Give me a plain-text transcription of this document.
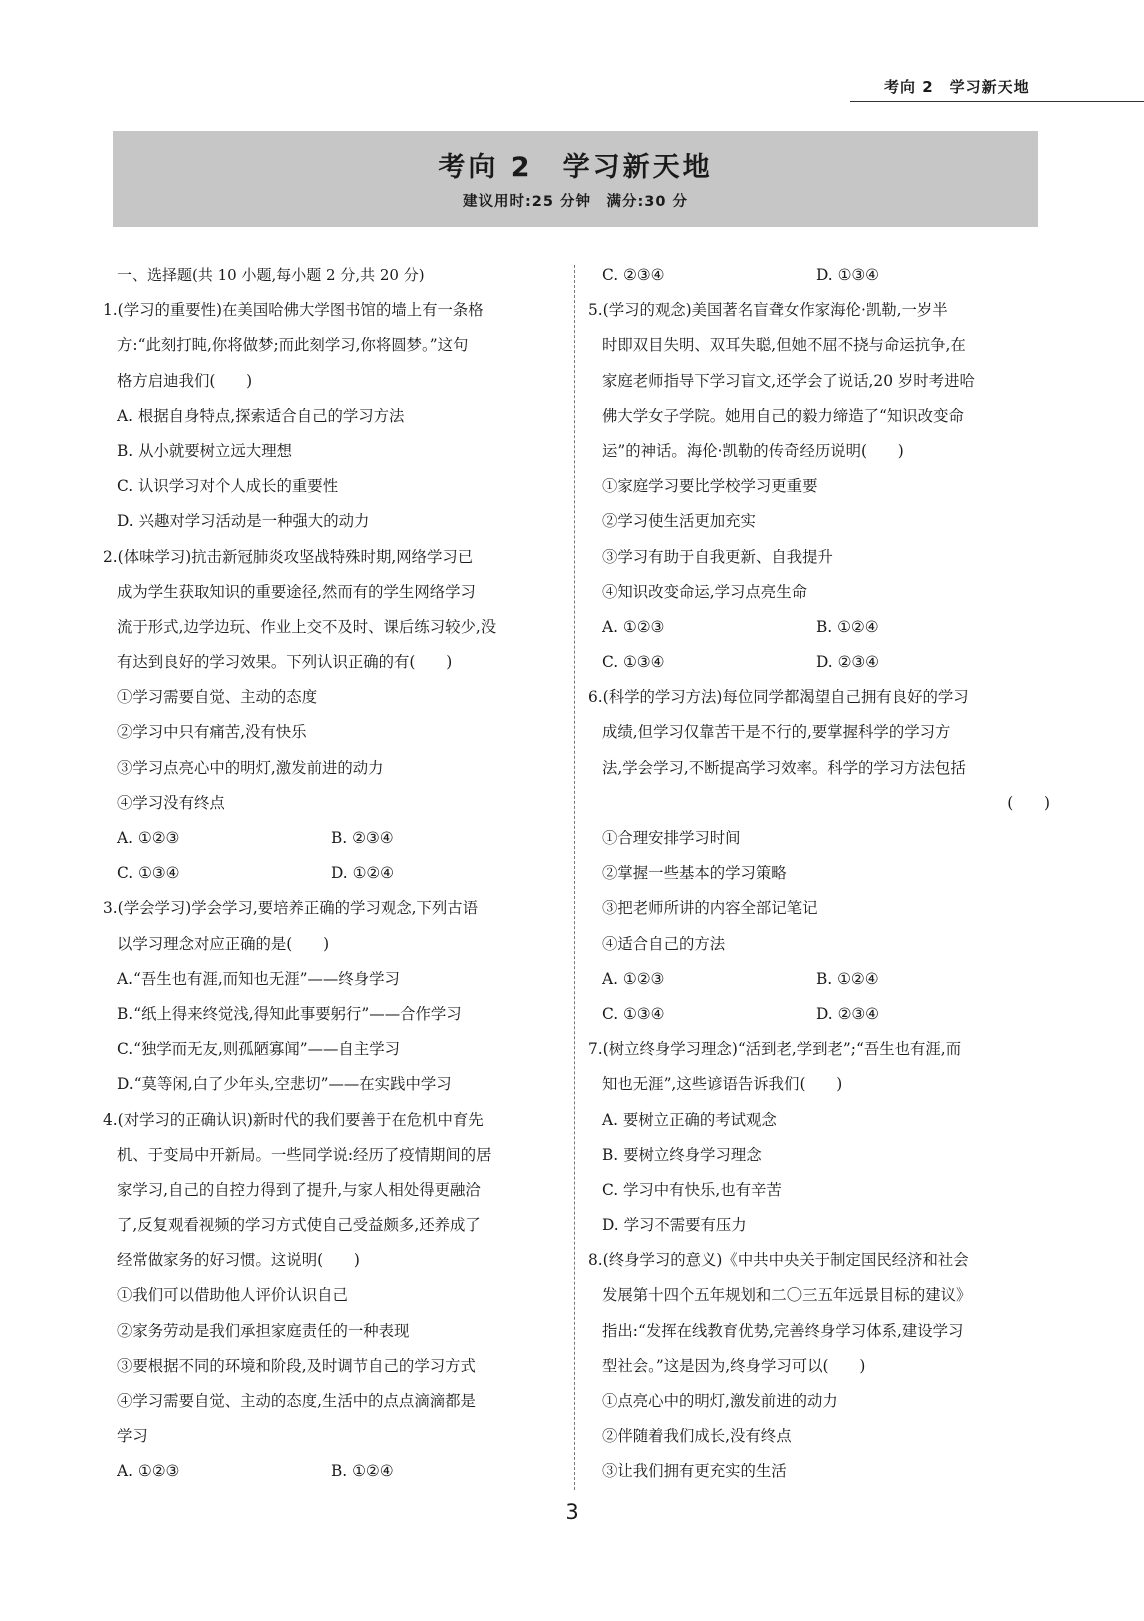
考向 2　学习新天地
考向 2　学习新天地
建议用时:25 分钟　满分:30 分
一、选择题(共 10 小题,每小题 2 分,共 20 分)
1.(学习的重要性)在美国哈佛大学图书馆的墙上有一条格
方:“此刻打盹,你将做梦;而此刻学习,你将圆梦。”这句
格方启迪我们(　　)
A. 根据自身特点,探索适合自己的学习方法
B. 从小就要树立远大理想
C. 认识学习对个人成长的重要性
D. 兴趣对学习活动是一种强大的动力
2.(体味学习)抗击新冠肺炎攻坚战特殊时期,网络学习已
成为学生获取知识的重要途径,然而有的学生网络学习
流于形式,边学边玩、作业上交不及时、课后练习较少,没
有达到良好的学习效果。下列认识正确的有(　　)
①学习需要自觉、主动的态度
②学习中只有痛苦,没有快乐
③学习点亮心中的明灯,激发前进的动力
④学习没有终点
A. ①②③	B. ②③④
C. ①③④	D. ①②④
3.(学会学习)学会学习,要培养正确的学习观念,下列古语
以学习理念对应正确的是(　　)
A.“吾生也有涯,而知也无涯”——终身学习
B.“纸上得来终觉浅,得知此事要躬行”——合作学习
C.“独学而无友,则孤陋寡闻”——自主学习
D.“莫等闲,白了少年头,空悲切”——在实践中学习
4.(对学习的正确认识)新时代的我们要善于在危机中育先
机、于变局中开新局。一些同学说:经历了疫情期间的居
家学习,自己的自控力得到了提升,与家人相处得更融洽
了,反复观看视频的学习方式使自己受益颇多,还养成了
经常做家务的好习惯。这说明(　　)
①我们可以借助他人评价认识自己
②家务劳动是我们承担家庭责任的一种表现
③要根据不同的环境和阶段,及时调节自己的学习方式
④学习需要自觉、主动的态度,生活中的点点滴滴都是
学习
A. ①②③	B. ①②④
C. ②③④	D. ①③④
5.(学习的观念)美国著名盲聋女作家海伦·凯勒,一岁半
时即双目失明、双耳失聪,但她不屈不挠与命运抗争,在
家庭老师指导下学习盲文,还学会了说话,20 岁时考进哈
佛大学女子学院。她用自己的毅力缔造了“知识改变命
运”的神话。海伦·凯勒的传奇经历说明(　　)
①家庭学习要比学校学习更重要
②学习使生活更加充实
③学习有助于自我更新、自我提升
④知识改变命运,学习点亮生命
A. ①②③	B. ①②④
C. ①③④	D. ②③④
6.(科学的学习方法)每位同学都渴望自己拥有良好的学习
成绩,但学习仅靠苦干是不行的,要掌握科学的学习方
法,学会学习,不断提高学习效率。科学的学习方法包括
(　　)
①合理安排学习时间
②掌握一些基本的学习策略
③把老师所讲的内容全部记笔记
④适合自己的方法
A. ①②③	B. ①②④
C. ①③④	D. ②③④
7.(树立终身学习理念)“活到老,学到老”;“吾生也有涯,而
知也无涯”,这些谚语告诉我们(　　)
A. 要树立正确的考试观念
B. 要树立终身学习理念
C. 学习中有快乐,也有辛苦
D. 学习不需要有压力
8.(终身学习的意义)《中共中央关于制定国民经济和社会
发展第十四个五年规划和二〇三五年远景目标的建议》
指出:“发挥在线教育优势,完善终身学习体系,建设学习
型社会。”这是因为,终身学习可以(　　)
①点亮心中的明灯,激发前进的动力
②伴随着我们成长,没有终点
③让我们拥有更充实的生活
3
